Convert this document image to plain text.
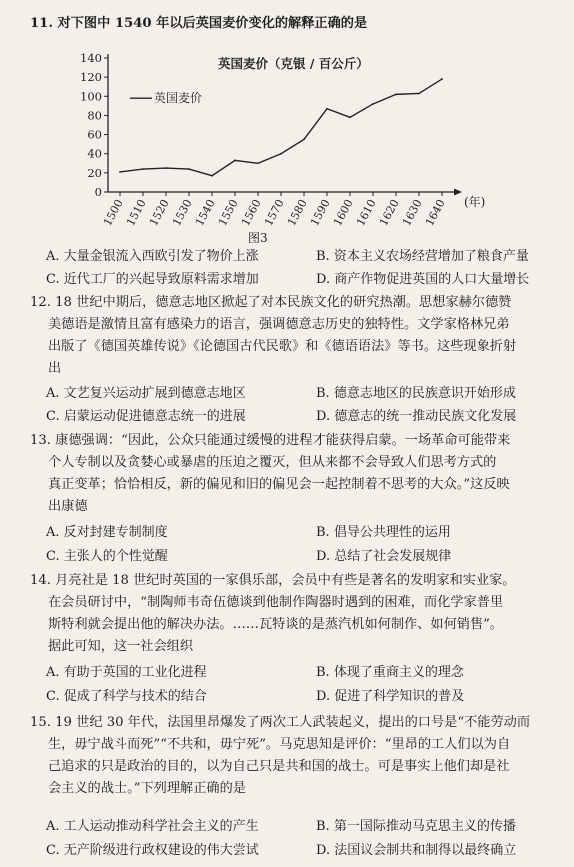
11. 对下图中 1540 年以后英国麦价变化的解释正确的是
0
20
40
60
80
100
120
140
1500
1510
1520
1530
1540
1550
1560
1570
1580
1590
1600
1610
1620
1630
1640 (年)
英国麦价（克银 / 百公斤）
英国麦价
图3
A. 大量金银流入西欧引发了物价上涨	B. 资本主义农场经营增加了粮食产量
C. 近代工厂的兴起导致原料需求增加	D. 商产作物促进英国的人口大量增长
12. 18 世纪中期后，德意志地区掀起了对本民族文化的研究热潮。思想家赫尔德赞
美德语是激情且富有感染力的语言，强调德意志历史的独特性。文学家格林兄弟
出版了《德国英雄传说》《论德国古代民歌》和《德语语法》等书。这些现象折射
出
A. 文艺复兴运动扩展到德意志地区	B. 德意志地区的民族意识开始形成
C. 启蒙运动促进德意志统一的进展	D. 德意志的统一推动民族文化发展
13. 康德强调：“因此，公众只能通过缓慢的进程才能获得启蒙。一场革命可能带来
个人专制以及贪婪心或暴虐的压迫之覆灭，但从来都不会导致人们思考方式的
真正变革；恰恰相反，新的偏见和旧的偏见会一起控制着不思考的大众。”这反映
出康德
A. 反对封建专制制度	B. 倡导公共理性的运用
C. 主张人的个性觉醒	D. 总结了社会发展规律
14. 月亮社是 18 世纪时英国的一家俱乐部，会员中有些是著名的发明家和实业家。
在会员研讨中，“制陶师韦奇伍德谈到他制作陶器时遇到的困难，而化学家普里
斯特利就会提出他的解决办法。……瓦特谈的是蒸汽机如何制作、如何销售”。
据此可知，这一社会组织
A. 有助于英国的工业化进程	B. 体现了重商主义的理念
C. 促成了科学与技术的结合	D. 促进了科学知识的普及
15. 19 世纪 30 年代，法国里昂爆发了两次工人武装起义，提出的口号是“不能劳动而
生，毋宁战斗而死”“不共和，毋宁死”。马克思知是评价：“里昂的工人们以为自
己追求的只是政治的目的，以为自己只是共和国的战士。可是事实上他们却是社
会主义的战士。”下列理解正确的是
A. 工人运动推动科学社会主义的产生	B. 第一国际推动马克思主义的传播
C. 无产阶级进行政权建设的伟大尝试	D. 法国议会制共和制得以最终确立
